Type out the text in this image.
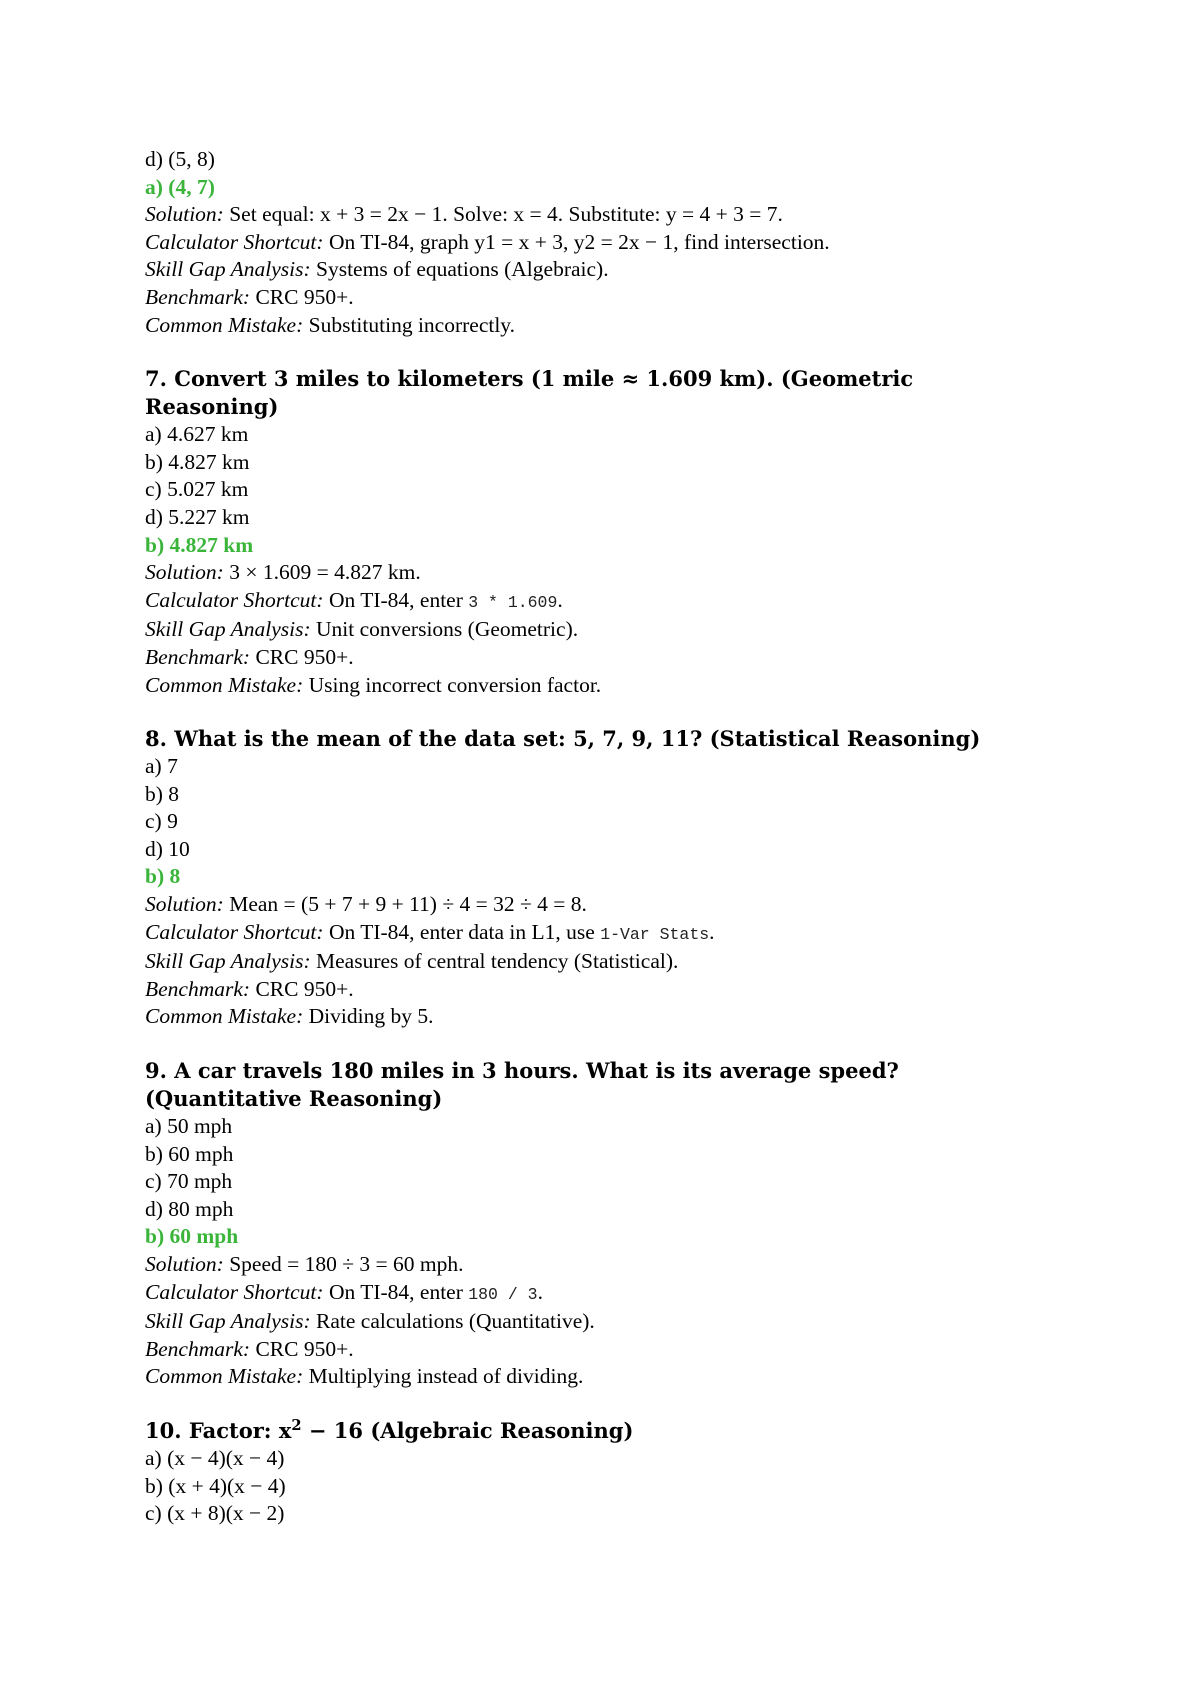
d) (5, 8)
a) (4, 7)
Solution: Set equal: x + 3 = 2x − 1. Solve: x = 4. Substitute: y = 4 + 3 = 7.
Calculator Shortcut: On TI-84, graph y1 = x + 3, y2 = 2x − 1, find intersection.
Skill Gap Analysis: Systems of equations (Algebraic).
Benchmark: CRC 950+.
Common Mistake: Substituting incorrectly.
7. Convert 3 miles to kilometers (1 mile ≈ 1.609 km). (Geometric Reasoning)
a) 4.627 km
b) 4.827 km
c) 5.027 km
d) 5.227 km
b) 4.827 km
Solution: 3 × 1.609 = 4.827 km.
Calculator Shortcut: On TI-84, enter 3 * 1.609.
Skill Gap Analysis: Unit conversions (Geometric).
Benchmark: CRC 950+.
Common Mistake: Using incorrect conversion factor.
8. What is the mean of the data set: 5, 7, 9, 11? (Statistical Reasoning)
a) 7
b) 8
c) 9
d) 10
b) 8
Solution: Mean = (5 + 7 + 9 + 11) ÷ 4 = 32 ÷ 4 = 8.
Calculator Shortcut: On TI-84, enter data in L1, use 1-Var Stats.
Skill Gap Analysis: Measures of central tendency (Statistical).
Benchmark: CRC 950+.
Common Mistake: Dividing by 5.
9. A car travels 180 miles in 3 hours. What is its average speed? (Quantitative Reasoning)
a) 50 mph
b) 60 mph
c) 70 mph
d) 80 mph
b) 60 mph
Solution: Speed = 180 ÷ 3 = 60 mph.
Calculator Shortcut: On TI-84, enter 180 / 3.
Skill Gap Analysis: Rate calculations (Quantitative).
Benchmark: CRC 950+.
Common Mistake: Multiplying instead of dividing.
10. Factor: $x^2 - 16$ (Algebraic Reasoning)
a) (x − 4)(x − 4)
b) (x + 4)(x − 4)
c) (x + 8)(x − 2)
